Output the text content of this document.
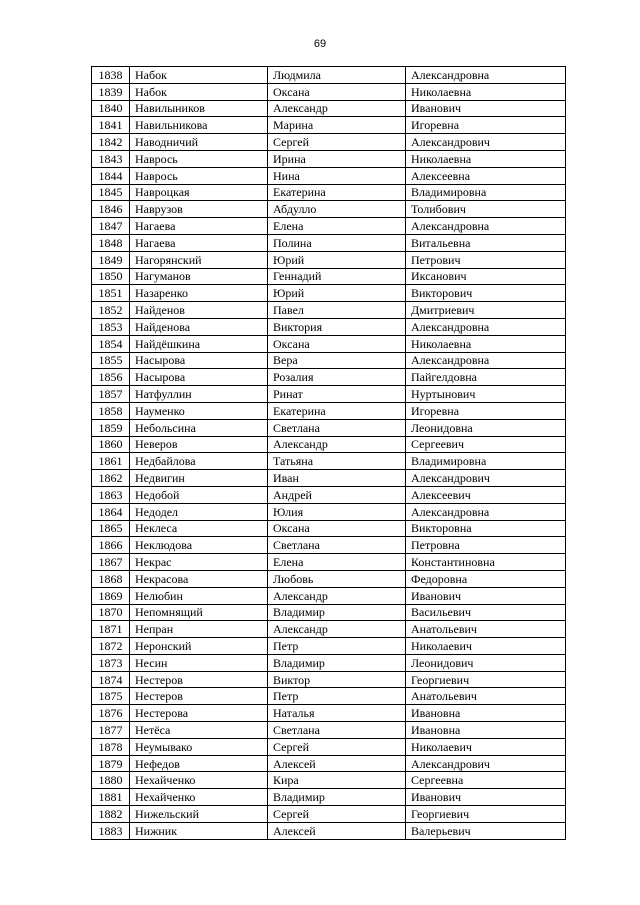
69
1838	Набок	Людмила	Александровна
1839	Набок	Оксана	Николаевна
1840	Навилыников	Александр	Иванович
1841	Навильникова	Марина	Игоревна
1842	Наводничий	Сергей	Александрович
1843	Наврось	Ирина	Николаевна
1844	Наврось	Нина	Алексеевна
1845	Навроцкая	Екатерина	Владимировна
1846	Наврузов	Абдулло	Толибович
1847	Нагаева	Елена	Александровна
1848	Нагаева	Полина	Витальевна
1849	Нагорянский	Юрий	Петрович
1850	Нагуманов	Геннадий	Иксанович
1851	Назаренко	Юрий	Викторович
1852	Найденов	Павел	Дмитриевич
1853	Найденова	Виктория	Александровна
1854	Найдёшкина	Оксана	Николаевна
1855	Насырова	Вера	Александровна
1856	Насырова	Розалия	Пайгелдовна
1857	Натфуллин	Ринат	Нуртынович
1858	Науменко	Екатерина	Игоревна
1859	Небольсина	Светлана	Леонидовна
1860	Неверов	Александр	Сергеевич
1861	Недбайлова	Татьяна	Владимировна
1862	Недвигин	Иван	Александрович
1863	Недобой	Андрей	Алексеевич
1864	Недодел	Юлия	Александровна
1865	Неклеса	Оксана	Викторовна
1866	Неклюдова	Светлана	Петровна
1867	Некрас	Елена	Константиновна
1868	Некрасова	Любовь	Федоровна
1869	Нелюбин	Александр	Иванович
1870	Непомнящий	Владимир	Васильевич
1871	Непран	Александр	Анатольевич
1872	Неронский	Петр	Николаевич
1873	Несин	Владимир	Леонидович
1874	Нестеров	Виктор	Георгиевич
1875	Нестеров	Петр	Анатольевич
1876	Нестерова	Наталья	Ивановна
1877	Нетёса	Светлана	Ивановна
1878	Неумывако	Сергей	Николаевич
1879	Нефедов	Алексей	Александрович
1880	Нехайченко	Кира	Сергеевна
1881	Нехайченко	Владимир	Иванович
1882	Нижельский	Сергей	Георгиевич
1883	Нижник	Алексей	Валерьевич
